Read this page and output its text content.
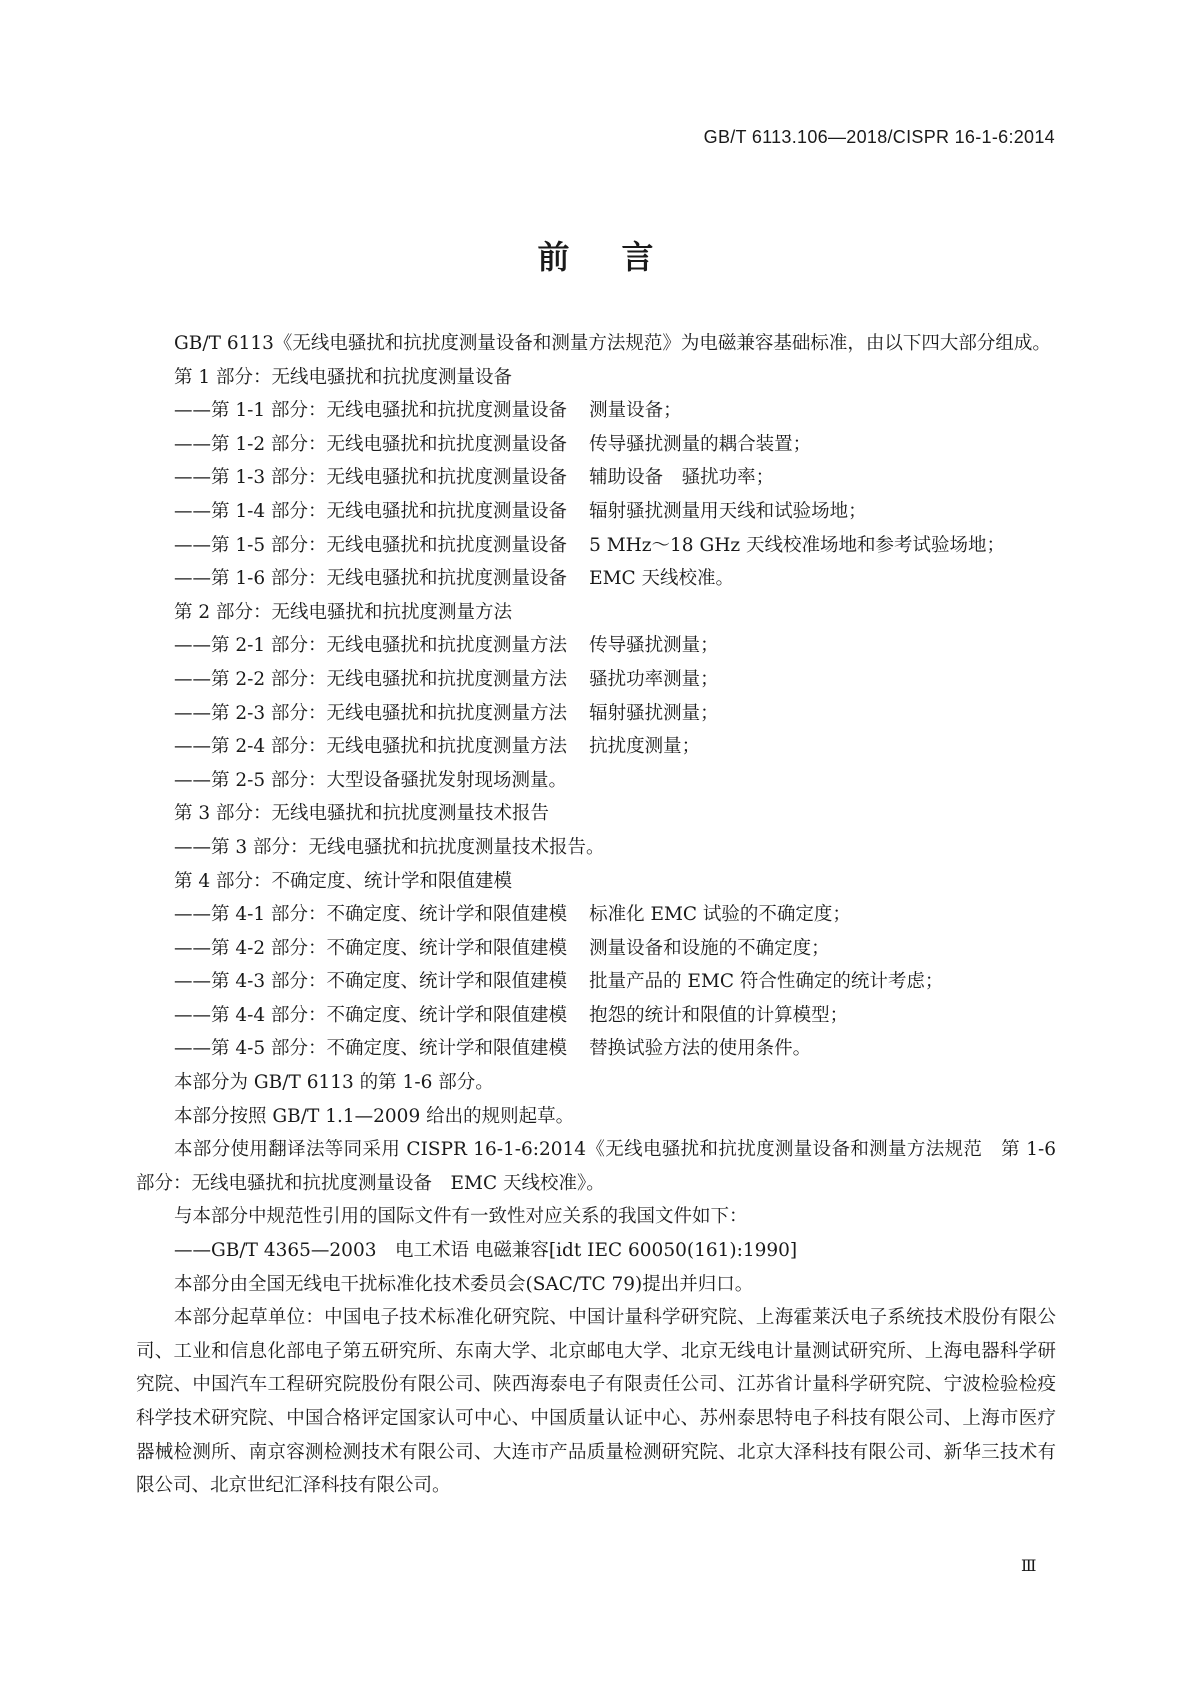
GB/T 6113.106—2018/CISPR 16-1-6:2014
前言
GB/T 6113《无线电骚扰和抗扰度测量设备和测量方法规范》为电磁兼容基础标准，由以下四大部分组成。
第 1 部分：无线电骚扰和抗扰度测量设备
——第 1-1 部分：无线电骚扰和抗扰度测量设备 测量设备；
——第 1-2 部分：无线电骚扰和抗扰度测量设备 传导骚扰测量的耦合装置；
——第 1-3 部分：无线电骚扰和抗扰度测量设备 辅助设备　骚扰功率；
——第 1-4 部分：无线电骚扰和抗扰度测量设备 辐射骚扰测量用天线和试验场地；
——第 1-5 部分：无线电骚扰和抗扰度测量设备 5 MHz～18 GHz 天线校准场地和参考试验场地；
——第 1-6 部分：无线电骚扰和抗扰度测量设备 EMC 天线校准。
第 2 部分：无线电骚扰和抗扰度测量方法
——第 2-1 部分：无线电骚扰和抗扰度测量方法 传导骚扰测量；
——第 2-2 部分：无线电骚扰和抗扰度测量方法 骚扰功率测量；
——第 2-3 部分：无线电骚扰和抗扰度测量方法 辐射骚扰测量；
——第 2-4 部分：无线电骚扰和抗扰度测量方法 抗扰度测量；
——第 2-5 部分：大型设备骚扰发射现场测量。
第 3 部分：无线电骚扰和抗扰度测量技术报告
——第 3 部分：无线电骚扰和抗扰度测量技术报告。
第 4 部分：不确定度、统计学和限值建模
——第 4-1 部分：不确定度、统计学和限值建模 标准化 EMC 试验的不确定度；
——第 4-2 部分：不确定度、统计学和限值建模 测量设备和设施的不确定度；
——第 4-3 部分：不确定度、统计学和限值建模 批量产品的 EMC 符合性确定的统计考虑；
——第 4-4 部分：不确定度、统计学和限值建模 抱怨的统计和限值的计算模型；
——第 4-5 部分：不确定度、统计学和限值建模 替换试验方法的使用条件。
本部分为 GB/T 6113 的第 1-6 部分。
本部分按照 GB/T 1.1—2009 给出的规则起草。
本部分使用翻译法等同采用 CISPR 16-1-6:2014《无线电骚扰和抗扰度测量设备和测量方法规范　第 1-6 部分：无线电骚扰和抗扰度测量设备　EMC 天线校准》。
与本部分中规范性引用的国际文件有一致性对应关系的我国文件如下：
——GB/T 4365—2003　电工术语 电磁兼容[idt IEC 60050(161):1990]
本部分由全国无线电干扰标准化技术委员会(SAC/TC 79)提出并归口。
本部分起草单位：中国电子技术标准化研究院、中国计量科学研究院、上海霍莱沃电子系统技术股份有限公司、工业和信息化部电子第五研究所、东南大学、北京邮电大学、北京无线电计量测试研究所、上海电器科学研究院、中国汽车工程研究院股份有限公司、陕西海泰电子有限责任公司、江苏省计量科学研究院、宁波检验检疫科学技术研究院、中国合格评定国家认可中心、中国质量认证中心、苏州泰思特电子科技有限公司、上海市医疗器械检测所、南京容测检测技术有限公司、大连市产品质量检测研究院、北京大泽科技有限公司、新华三技术有限公司、北京世纪汇泽科技有限公司。
Ⅲ
